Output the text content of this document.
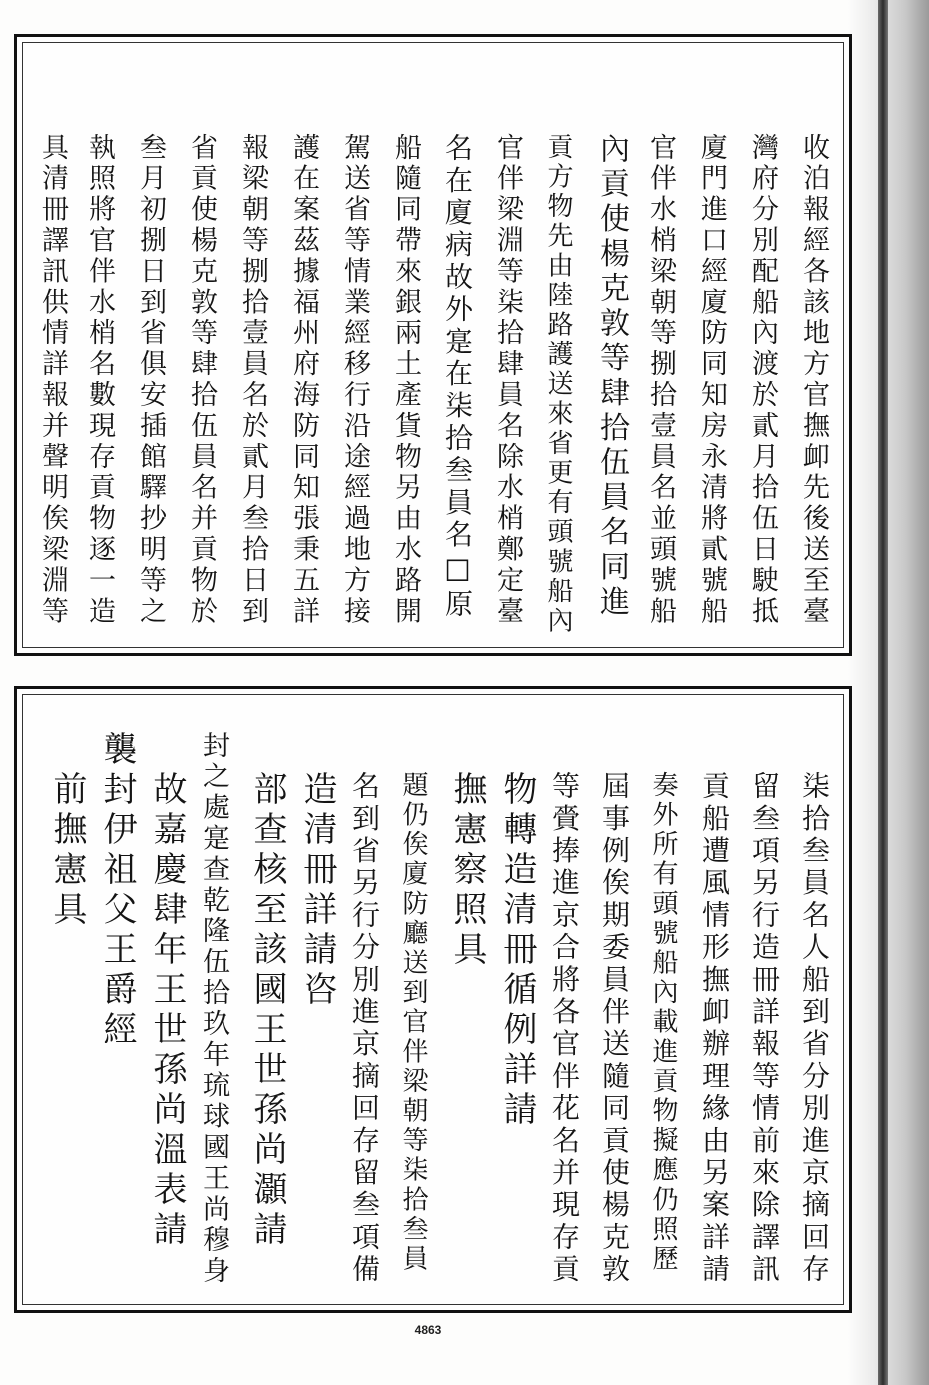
收泊報經各該地方官撫卹先後送至臺
灣府分別配船內渡於貳月拾伍日駛抵
廈門進口經廈防同知房永清將貳號船
官伴水梢梁朝等捌拾壹員名並頭號船
內貢使楊克敦等肆拾伍員名同進
貢方物先由陸路護送來省更有頭號船內
官伴梁淵等柒拾肆員名除水梢鄭定臺
名在廈病故外寔在柒拾叁員名□原
船隨同帶來銀兩土產貨物另由水路開
駕送省等情業經移行沿途經過地方接
護在案茲據福州府海防同知張秉五詳
報梁朝等捌拾壹員名於貳月叁拾日到
省貢使楊克敦等肆拾伍員名并貢物於
叁月初捌日到省俱安插館驛抄明等之
執照將官伴水梢名數現存貢物逐一造
具清冊譯訊供情詳報并聲明俟梁淵等
柒拾叁員名人船到省分別進京摘回存
留叁項另行造冊詳報等情前來除譯訊
貢船遭風情形撫卹辦理緣由另案詳請
奏外所有頭號船內載進貢物擬應仍照歷
屆事例俟期委員伴送隨同貢使楊克敦
等賫捧進京合將各官伴花名并現存貢
物轉造清冊循例詳請
撫憲察照具
題仍俟廈防廳送到官伴梁朝等柒拾叁員
名到省另行分別進京摘回存留叁項備
造清冊詳請咨
部查核至該國王世孫尚灝請
封之處寔查乾隆伍拾玖年琉球國王尚穆身
故嘉慶肆年王世孫尚溫表請
襲封伊祖父王爵經
前撫憲具
4863
